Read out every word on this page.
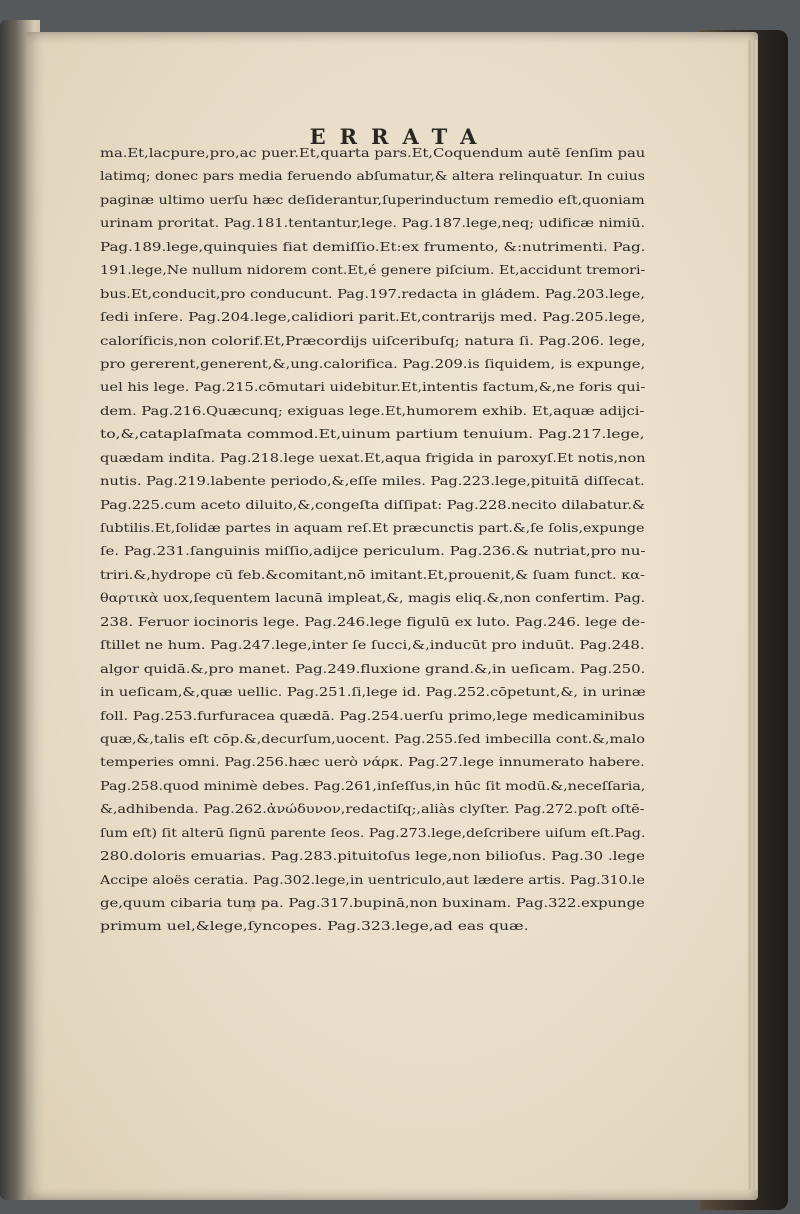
ERRATA
ma.Et,lacpure,pro,ac puer.Et,quarta pars.Et,Coquendum autē ſenſim pau
latimq; donec pars media feruendo abſumatur,& altera relinquatur. In cuius
paginæ ultimo uerſu hæc deſiderantur,ſuperinductum remedio eſt,quoniam
urinam proritat. Pag.181.tentantur,lege. Pag.187.lege,neq; udificæ nimiū.
Pag.189.lege,quinquies fiat demiſſio.Et:ex frumento, &:nutrimenti. Pag.
191.lege,Ne nullum nidorem cont.Et,é genere piſcium. Et,accidunt tremori-
bus.Et,conducit,pro conducunt. Pag.197.redacta in gládem. Pag.203.lege,
ſedi inſere. Pag.204.lege,calidiori parit.Et,contrarijs med. Pag.205.lege,
caloríficis,non colorif.Et,Præcordijs uiſceribuſq; natura ſi. Pag.206. lege,
pro gererent,generent,&,ung.calorifica. Pag.209.is ſiquidem, is expunge,
uel his lege. Pag.215.cōmutari uidebitur.Et,intentis factum,&,ne foris qui-
dem. Pag.216.Quæcunq; exiguas lege.Et,humorem exhib. Et,aquæ adijci-
to,&,cataplaſmata commod.Et,uinum partium tenuium. Pag.217.lege,
quædam indita. Pag.218.lege uexat.Et,aqua frigida in paroxyſ.Et notis,non
nutis. Pag.219.labente periodo,&,eſſe miles. Pag.223.lege,pituitā diſſecat.
Pag.225.cum aceto diluito,&,congeſta diſſipat: Pag.228.necito dilabatur.&
ſubtilis.Et,ſolidæ partes in aquam reſ.Et præcunctis part.&,ſe ſolis,expunge
ſe. Pag.231.ſanguinis miſſio,adijce periculum. Pag.236.& nutriat,pro nu-
triri.&,hydrope cū feb.&comitant,nō imitant.Et,prouenit,& ſuam funct. κα-
θαρτικὰ uox,ſequentem lacunā impleat,&, magis eliq.&,non confertim. Pag.
238. Feruor iocinoris lege. Pag.246.lege figulū ex luto. Pag.246. lege de-
ſtillet ne hum. Pag.247.lege,inter ſe ſucci,&,inducūt pro induūt. Pag.248.
algor quidā.&,pro manet. Pag.249.fluxione grand.&,in ueſicam. Pag.250.
in ueſicam,&,quæ uellic. Pag.251.ſi,lege id. Pag.252.cōpetunt,&, in urinæ
foll. Pag.253.furfuracea quædā. Pag.254.uerſu primo,lege medicaminibus
quæ,&,talis eſt cōp.&,decurſum,uocent. Pag.255.ſed imbecilla cont.&,malo
temperies omni. Pag.256.hæc uerò νάρκ. Pag.27.lege innumerato habere.
Pag.258.quod minimè debes. Pag.261,inſeſſus,in hūc ſit modū.&,neceſſaria,
&,adhibenda. Pag.262.ἀνώδυνον,redactiſq;,aliàs clyſter. Pag.272.poſt oſtē-
ſum eſt) ſit alterū ſignū parente ſeos. Pag.273.lege,deſcribere uiſum eſt.Pag.
280.doloris emuarias. Pag.283.pituitoſus lege,non bilioſus. Pag.30 .lege
Accipe aloës ceratia. Pag.302.lege,in uentriculo,aut lædere artis. Pag.310.le
ge,quum cibaria tum pa. Pag.317.bupinā,non buxinam. Pag.322.expunge
primum uel,&lege,ſyncopes. Pag.323.lege,ad eas quæ.
